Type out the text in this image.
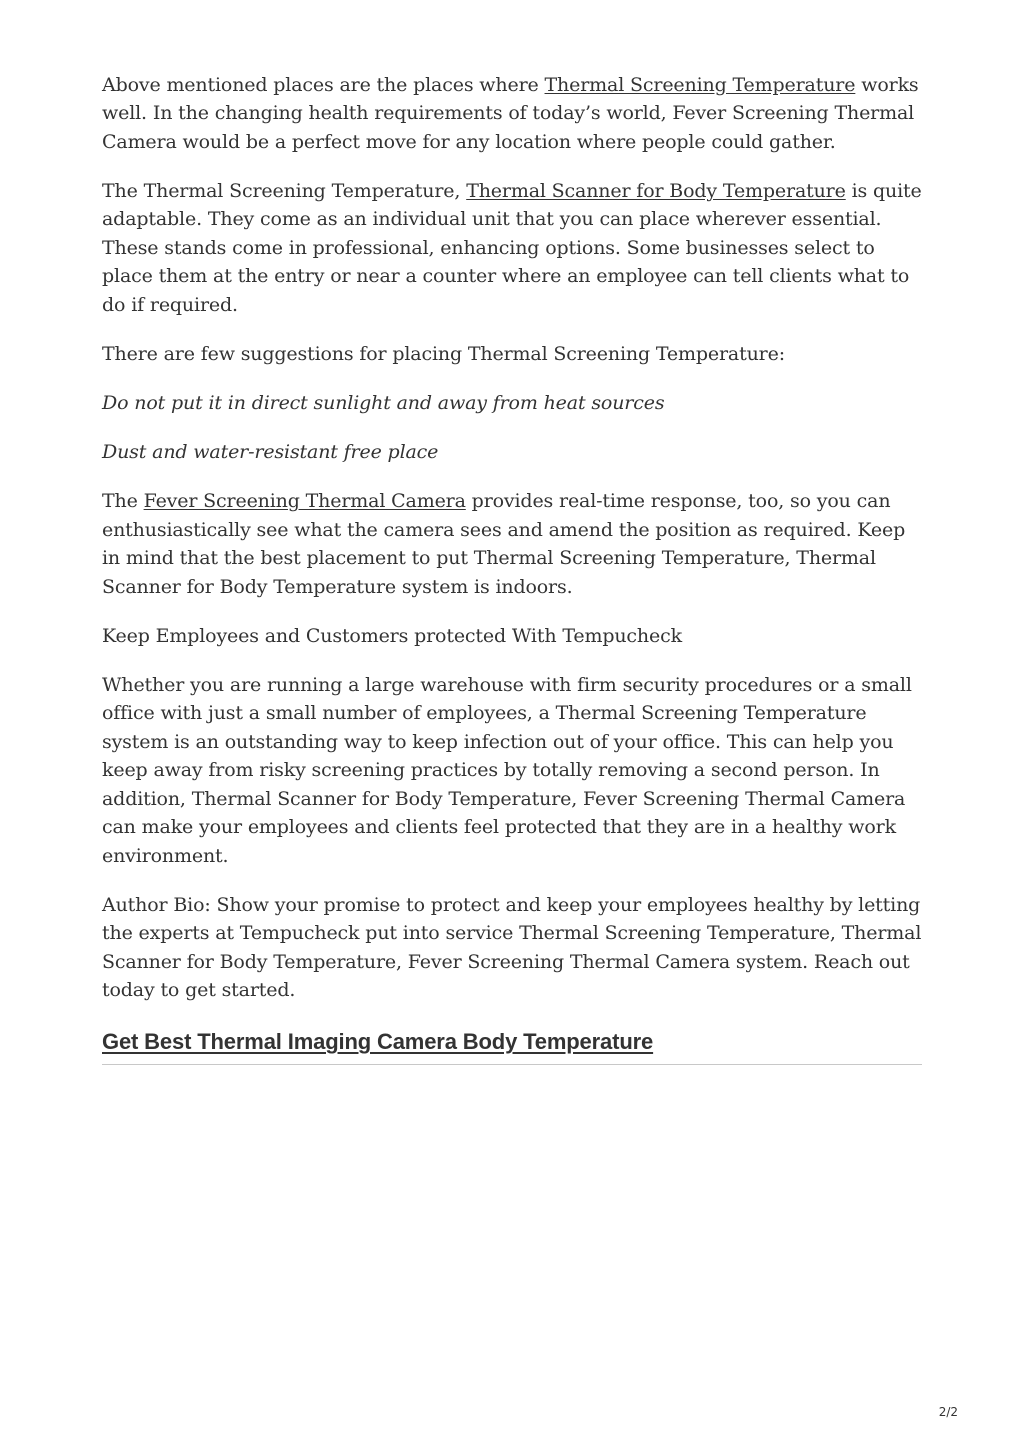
Above mentioned places are the places where Thermal Screening Temperature works well. In the changing health requirements of today’s world, Fever Screening Thermal Camera would be a perfect move for any location where people could gather.

The Thermal Screening Temperature, Thermal Scanner for Body Temperature is quite adaptable. They come as an individual unit that you can place wherever essential. These stands come in professional, enhancing options. Some businesses select to place them at the entry or near a counter where an employee can tell clients what to do if required.

There are few suggestions for placing Thermal Screening Temperature:

Do not put it in direct sunlight and away from heat sources

Dust and water-resistant free place

The Fever Screening Thermal Camera provides real-time response, too, so you can enthusiastically see what the camera sees and amend the position as required. Keep in mind that the best placement to put Thermal Screening Temperature, Thermal Scanner for Body Temperature system is indoors.

Keep Employees and Customers protected With Tempucheck

Whether you are running a large warehouse with firm security procedures or a small office with just a small number of employees, a Thermal Screening Temperature system is an outstanding way to keep infection out of your office. This can help you keep away from risky screening practices by totally removing a second person. In addition, Thermal Scanner for Body Temperature, Fever Screening Thermal Camera can make your employees and clients feel protected that they are in a healthy work environment.

Author Bio: Show your promise to protect and keep your employees healthy by letting the experts at Tempucheck put into service Thermal Screening Temperature, Thermal Scanner for Body Temperature, Fever Screening Thermal Camera system. Reach out today to get started.

Get Best Thermal Imaging Camera Body Temperature
2/2
